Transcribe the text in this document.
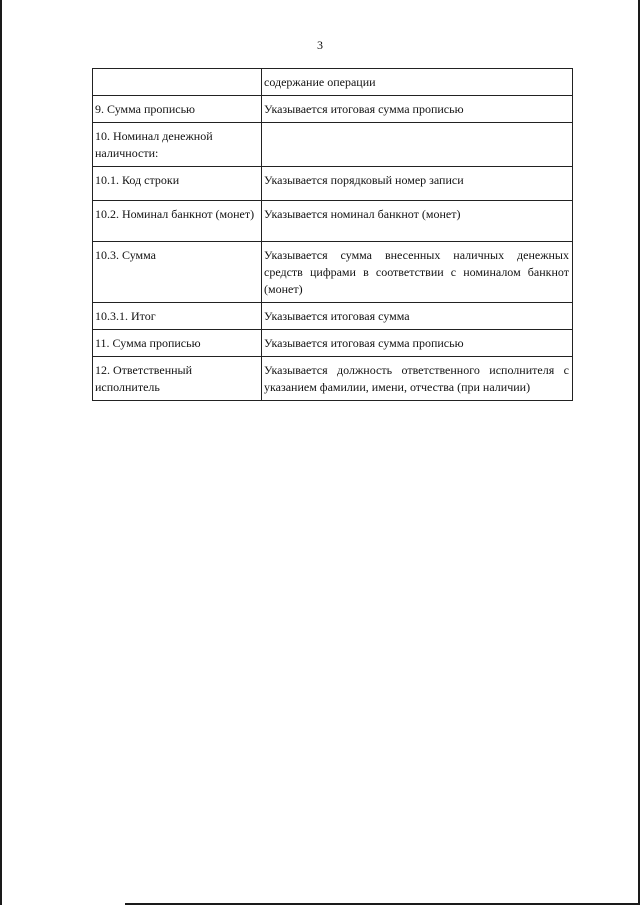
3
	содержание операции
9. Сумма прописью	Указывается итоговая сумма прописью
10. Номинал денежной наличности:	
10.1. Код строки	Указывается порядковый номер записи
10.2. Номинал банкнот (монет)	Указывается номинал банкнот (монет)
10.3. Сумма	Указывается сумма внесенных наличных денежных средств цифрами в соответствии с номиналом банкнот (монет)
10.3.1. Итог	Указывается итоговая сумма
11. Сумма прописью	Указывается итоговая сумма прописью
12. Ответственный исполнитель	Указывается должность ответственного исполнителя с указанием фамилии, имени, отчества (при наличии)
